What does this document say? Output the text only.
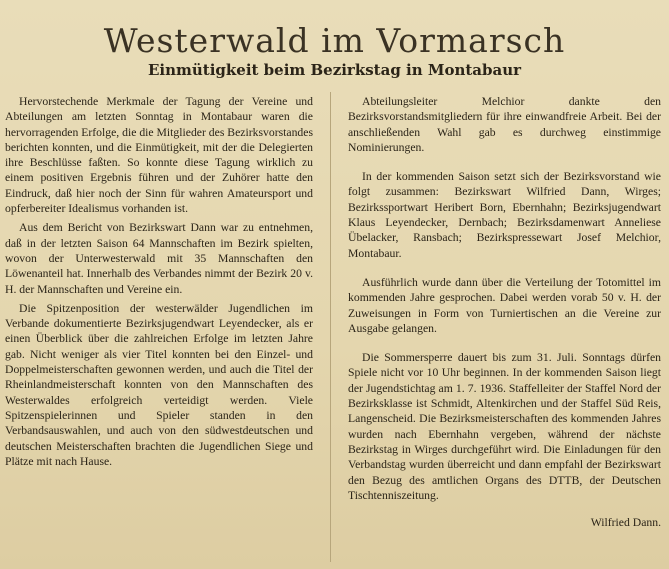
Westerwald im Vormarsch
Einmütigkeit beim Bezirkstag in Montabaur

Hervorstechende Merkmale der Tagung der Vereine und Abteilungen am letzten Sonntag in Montabaur waren die hervorragenden Erfolge, die die Mitglieder des Bezirksvorstandes berichten konnten, und die Einmütigkeit, mit der die Delegierten ihre Beschlüsse faßten. So konnte diese Tagung wirklich zu einem positiven Ergebnis führen und der Zuhörer hatte den Eindruck, daß hier noch der Sinn für wahren Amateursport und opferbereiter Idealismus vorhanden ist.

Aus dem Bericht von Bezirkswart Dann war zu entnehmen, daß in der letzten Saison 64 Mannschaften im Bezirk spielten, wovon der Unterwesterwald mit 35 Mannschaften den Löwenanteil hat. Innerhalb des Verbandes nimmt der Bezirk 20 v. H. der Mannschaften und Vereine ein.

Die Spitzenposition der westerwälder Jugendlichen im Verbande dokumentierte Bezirksjugendwart Leyendecker, als er einen Überblick über die zahlreichen Erfolge im letzten Jahre gab. Nicht weniger als vier Titel konnten bei den Einzel- und Doppelmeisterschaften gewonnen werden, und auch die Titel der Rheinlandmeisterschaft konnten von den Mannschaften des Westerwaldes erfolgreich verteidigt werden. Viele Spitzenspielerinnen und Spieler standen in den Verbandsauswahlen, und auch von den südwestdeutschen und deutschen Meisterschaften brachten die Jugendlichen Siege und Plätze mit nach Hause.

Abteilungsleiter Melchior dankte den Bezirksvorstandsmitgliedern für ihre einwandfreie Arbeit. Bei der anschließenden Wahl gab es durchweg einstimmige Nominierungen.

In der kommenden Saison setzt sich der Bezirksvorstand wie folgt zusammen: Bezirkswart Wilfried Dann, Wirges; Bezirkssportwart Heribert Born, Ebernhahn; Bezirksjugendwart Klaus Leyendecker, Dernbach; Bezirksdamenwart Anneliese Übelacker, Ransbach; Bezirkspressewart Josef Melchior, Montabaur.

Ausführlich wurde dann über die Verteilung der Totomittel im kommenden Jahre gesprochen. Dabei werden vorab 50 v. H. der Zuweisungen in Form von Turniertischen an die Vereine zur Ausgabe gelangen.

Die Sommersperre dauert bis zum 31. Juli. Sonntags dürfen Spiele nicht vor 10 Uhr beginnen. In der kommenden Saison liegt der Jugendstichtag am 1. 7. 1936. Staffelleiter der Staffel Nord der Bezirksklasse ist Schmidt, Altenkirchen und der Staffel Süd Reis, Langenscheid. Die Bezirksmeisterschaften des kommenden Jahres wurden nach Ebernhahn vergeben, während der nächste Bezirkstag in Wirges durchgeführt wird. Die Einladungen für den Verbandstag wurden überreicht und dann empfahl der Bezirkswart den Bezug des amtlichen Organs des DTTB, der Deutschen Tischtenniszeitung.

Wilfried Dann.
